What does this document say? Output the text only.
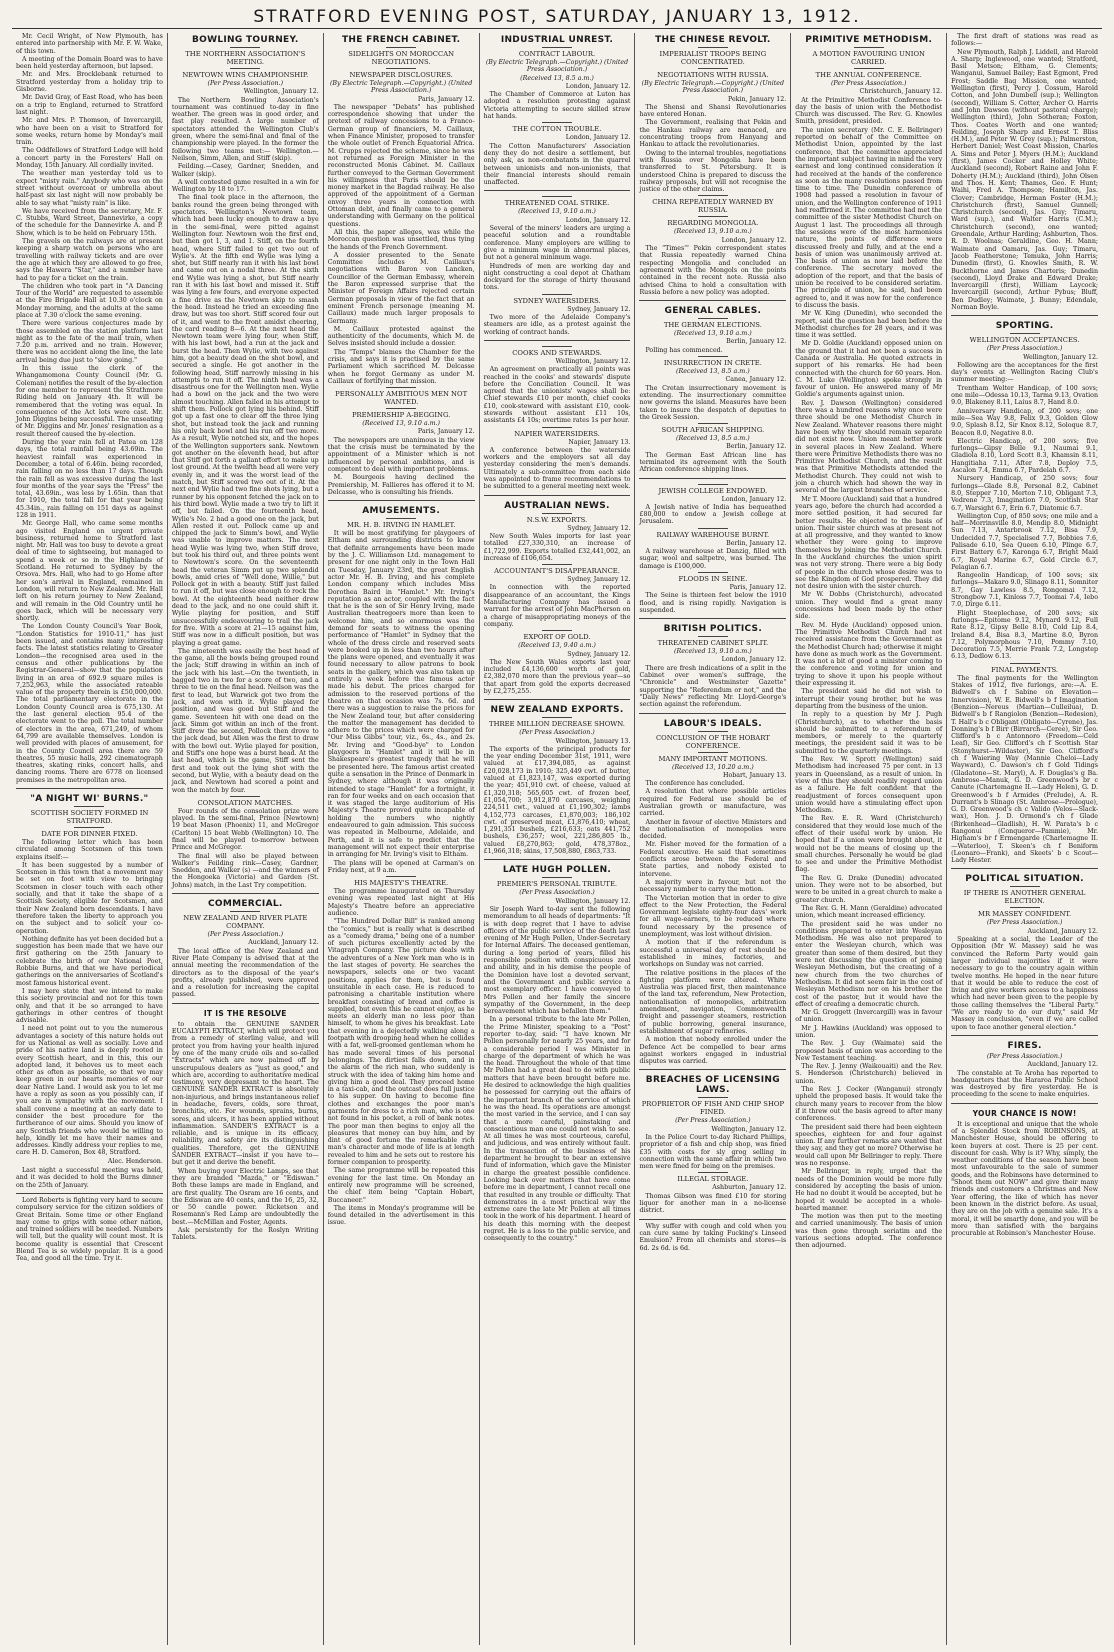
STRATFORD EVENING POST, SATURDAY, JANUARY 13, 1912.

Mr. Cecil Wright, of New Plymouth, has entered into partnership with Mr. F. W. Wake, of this town.

A meeting of the Domain Board was to have been held yesterday afternoon, but lapsed.

Mr. and Mrs. Brocklebank returned to Stratford yesterday from a holiday trip to Gisborne.

Mr. David Gray, of East Road, who has been on a trip to England, returned to Stratford last night.

Mr. and Mrs. P. Thomson, of Invercargill, who have been on a visit to Stratford for some weeks, return home by Monday's mail train.

The Oddfellows of Stratford Lodge will hold a concert party in the Foresters' Hall on Monday, 15th January. All cordially invited.

The weather man yesterday told us to expect "misty rain." Anybody who was on the street without overcoat or umbrella about half-past six last night will now probably be able to say what "misty rain" is like.

We have received from the secretary, Mr. F. C. Stubbs, Ward Street, Dannevirke, a copy of the schedule for the Dannevirke A. and P. Show, which is to be held on February 15th.

The gravels on the railways are at present keeping a sharp watch on persons who are travelling with railway tickets and are over the age at which they are allowed to go free, says the Hawera "Star," and a number have had to pay for a ticket on the train.

The children who took part in "A Dancing Tour of the World" are requested to assemble at the Fire Brigade Hall at 10.30 o'clock on Monday morning, and the adults at the same place at 7.30 o'clock the same evening.

There were various conjectures made by those assembled on the station platform last night as to the fate of the mail train, when 7.20 p.m. arrived and no train. However, there was no accident along the line, the late arrival being due just to "slow going."

In this issue the clerk of the Whangamomona County Council (Mr. G. Coleman) notifies the result of the by-election for one member to represent the Strathmore Riding held on January 4th. It will be remembered that the voting was equal. In consequence of the Act lots were cast. Mr. John Diggins being successful. The unseating of Mr. Diggins and Mr. Jones' resignation as a result thereof caused the by-election.

During the year rain fell at Patea on 128 days, the total rainfall being 43.69in. The heaviest rainfall was experienced in December, a total of 6.46in. being recorded, rain falling on no less than 17 days. Though the rain fell as was excessive during the last four months of the year says the "Press" the total, 43.69in., was less by 1.65in. than that for 1910, the total fall for that year being 45.34in., rain falling on 151 days as against 128 in 1911.

Mr. George Hall, who came some months ago visited England on urgent private business, returned home to Stratford last night. Mr. Hall was too busy to devote a great deal of time to sightseeing, but managed to spend a week or so in the Highlands of Scotland. He returned to Sydney by the Orsova. Mrs. Hall, who had to go Home after her son's arrival in England, remained in London, will return to New Zealand. Mr. Hall left on his return journey to New Zealand, and will remain in the Old Country until he goes back, which will be necessary very shortly.

The London County Council's Year Book, "London Statistics for 1910-11," has just been issued, and contains many interesting facts. The latest statistics relating to Greater London—the recognised area used in the census and other publications by the Registrar-General—show that the population living in an area of 692.9 square miles is 7,252,963, while the associated rateable value of the property therein is £50,000,000. The total parliamentary electorate in the London County Council area is 675,130. At the last general election 95.4 of the electorate went to the poll. The total number of electors in the area, 671,249, of whom 64,799 are available themselves. London is well provided with places of amusement, for in the County Council area there are 59 theatres, 55 music halls, 292 cinematograph theatres, skating rinks, concert halls, and dancing rooms. There are 6778 on licensed premises in the metropolitan area.

"A NIGHT WI' BURNS."
SCOTTISH SOCIETY FORMED IN STRATFORD.
DATE FOR DINNER FIXED.

The following letter which has been circulated among Scotsmen of this town explains itself:—

It has been suggested by a number of Scotsmen in this town that a movement may be set on foot with view to bringing Scotsmen in closer touch with each other socially, and that it take the shape of a Scottish Society, eligible for Scotsmen, and their New Zealand born descendants. I have therefore taken the liberty to approach you on the subject and to solicit your co-operation.

Nothing definite has yet been decided but a suggestion has been made that we have our first gathering on the 25th January to celebrate the birth of our National Poet, Robbie Burns, and that we have periodical gatherings on the anniversaries of Scotland's most famous historical event.

I may here state that we intend to make this society provincial and not for this town only, and that it be so arranged to have gatherings in other centres of thought advisable.

I need not point out to you the numerous advantages a society of this nature holds out for us National as well as socially. Love and pride of his native land is deeply rooted in every Scottish heart, and in this, this our adopted land, it behoves us to meet each other as often as possible, so that we may keep green in our hearts memories of our dear Native Land. I would ask you to let me have a reply as soon as you possibly can, if you are in sympathy with the movement. I shall convene a meeting at an early date to consider the best procedure for the furtherance of our aims. Should you know of any Scottish friends who would be willing to help, kindly let me have their names and addresses. Kindly address your replies to me, care H. D. Cameron, Box 48, Stratford.

Alec. Henderson.

Last night a successful meeting was held, and it was decided to hold the Burns dinner on the 25th of January.

Lord Roberts is fighting very hard to secure compulsory service for the citizen soldiers of Great Britain. Some time or other England may come to grips with some other nation, and trained soldiers will be needed. Numbers will tell, but the quality will count most. It is become quality is essential that Crescent Blend Tea is so widely popular. It is a good Tea, and good all the time. Try it.

BOWLING TOURNEY.
THE NORTHERN ASSOCIATION'S MEETING.
NEWTOWN WINS CHAMPIONSHIP.
(Per Press Association.)
Wellington, January 12.

The Northern Bowling Association's tournament was continued to-day in fine weather. The green was in good order, and fast play resulted. A large number of spectators attended the Wellington Club's green, where the semi-final and final of the championship were played. In the former the following two teams met:— Wellington.—Neilson, Simm, Allen, and Stiff (skip).

Feilding.—Casey, Gardner, Snedden, and Walker (skip).

A well contested game resulted in a win for Wellington by 18 to 17.

The final took place in the afternoon, the banks round the green being thronged with spectators. Wellington's Newtown team, which had been lucky enough to draw a bye in the semi-final, were pitted against Wellington four. Newtown won the first end, but then got 1, 3, and 1. Stiff, on the fourth head, where Stiff failed to get two out of Wylie's. At the fifth end Wylie was lying a shot, but Stiff nearly ran it with his last bowl and came out on a nodal three. At the sixth end Wylie was lying a shot, but Stiff nearly ran it with his last bowl and missed it. Stiff was lying a few fours, and everyone expected a fine drive as the Newtown skip to smash the head. Instead he tried an exceeding fine draw, but was too short. Stiff scored four out of it, and went to the front amidst cheering, the card reading 8—6. At the next head the Newtown team were lying four, when Stiff, with his last bowl, had a run at the jack and burst the head. Then Wylie, with two against him, got a beauty dead on the shot bowl, and secured a single. He got another in the following head, Stiff narrowly missing in his attempts to run it off. The ninth head was a disastrous one for the Wellington men. Wylie had a bowl on the jack and the two were almost touching. Allen failed in his attempt to shift them. Pollock got lying his behind. Stiff got up a fast one to clear off the three lying shot, but instead took the jack and running his only back bowl and his run off two more. As a result, Wylie notched six, and the hopes of the Wellington supporters sank. Newtown got another on the eleventh head, but after that Stiff got forth a gallant effort to make up lost ground. At the twelfth head all were very evenly in, and it was the worst lead of the match, but Stiff scored two out of it. At the next end Wylie had two fine shots lying, but a runner by his opponent fetched the jack on to his third bowl. Wylie made a two try to lift it off, but failed. On the fourteenth head, Wylie's No. 2 had a good one on the jack, but Allen rested it out. Pollock came up and chipped the jack to Simm's bowl, and Wylie was unable to improve matters. The next head Wylie was lying two, when Stiff drove, but took his third out, and three points went to Newtown's score. On the seventeenth head the veteran Simm put up two splendid bowls, amid cries of "Well done, Willie," but Pollock got in with a beauty. Stiff just failed to run it off, but was close enough to rock the bowl. At the eighteenth head neither drew dead to the jack, and no one could shift it. Wylie playing for position, and Stiff unsuccessfully endeavouring to trail the jack for five. With a score at 21—15 against him, Stiff was now in a difficult position, but was playing a great game.

The nineteenth was easily the best head of the game, all the bowls being grouped round the jack; Stiff drawing in within an inch of the jack with his last.—On the twentieth, in bagged two in two for a score of two, and a three to tie on the final head. Neilson was the first to lead, but Warwick got two from the jack, and won with it. Wylie played for position, and was good but Stiff and the game. Seventeen hit with one dead on the jack. Simm got within an inch of the front. Stiff drew the second, Pollock then drove to the jack dead, but Allen was the first to draw with the bowl out. Wylie played for position, and Stiff's one hope was a burst head. At the last head, which is the game, Stiff sent the first and took out the lying shot with the second, but Wylie, with a beauty dead on the jack, and Newtown had scored a point and won the match by four.

CONSOLATION MATCHES.

Four rounds of the consolation prize were played. In the semi-final, Prince (Newtown) 19 beat Mason (Phoenix) 11, and McGregor (Carlton) 15 beat Webb (Wellington) 10. The final will be played to-morrow between Prince and McGregor.

The final will also be played between Walker's Feilding rink—Casey, Gardner, Snedden, and Walker (s) —and the winners of the Hongoeka (Victoria) and Garden (St. Johns) match, in the Last Try competition.

COMMERCIAL.
NEW ZEALAND AND RIVER PLATE COMPANY.
(Per Press Association.)
Auckland, January 12.

The local office of the New Zealand and River Plate Company is advised that at the annual meeting the recommendation of the directors as to the disposal of the year's profits, already published, were approved and a resolution for increasing the capital passed.

IT IS THE RESOLVE

to obtain the GENUINE SANDER EUCALYPTI EXTRACT, which will protect you from a remedy of sterling value, and will protect you from having your health injured by one of the many crude oils and so-called "Extracts" which are now palmed off by unscrupulous dealers as "just as good," and which are, according to authoritative medical testimony, very depressant to the heart. The GENUINE SANDER EXTRACT is absolutely non-injurious, and brings instantaneous relief in headache, fevers, colds, sore throat, bronchitis, etc. For wounds, sprains, burns, sores, and ulcers, it has been applied without inflammation. SANDER'S EXTRACT is a reliable, and is unique in its efficacy, reliability, and safety are its distinguishing qualities. Therefore, get the GENUINE SANDER EXTRACT—insist if you have to—but get it and derive the benefit.

When buying your Electric Lamps, see that they are branded "Mazda," or "Ediswan." Both these lamps are made in England, and are first quality. The Osram are 16 cents, and the Ediswan are 40 cents, and the 16, 25, 32, or 50 candle power. Ricketson and Rosemann's Red Lamp are undoubtedly the best.—McMillan and Foster, Agents.

Ask persistently for the Roslyn Writing Tablets.

THE FRENCH CABINET.
SIDELIGHTS ON MOROCCAN NEGOTIATIONS.
NEWSPAPER DISCLOSURES.
(By Electric Telegraph.—Copyright.) (United Press Association.)
Paris, January 12.

The newspaper "Debats" has published correspondence showing that under the pretext of railway concessions to a Franco-German group of financiers, M. Caillaux, when Finance Minister, proposed to transfer the whole outlet of French Equatorial Africa. M. Crupps rejected the scheme, since he was not returned as Foreign Minister in the reconstructed Monis Cabinet. M. Caillaux further conveyed to the German Government his willingness that Paris should be the money market in the Bagdad railway. He also approved of the appointment of a German envoy three years in connection with Ottoman debt, and finally came to a general understanding with Germany on the political questions.

All this, the paper alleges, was while the Moroccan question was unsettled, thus tying the hands of the French Government.

A dossier presented to the Senate Committee includes M. Caillaux's negotiations with Baron von Lancken, Councillor of the German Embassy, wherein the Baron expressed surprise that the Minister of Foreign Affairs rejected certain German proposals in view of the fact that an eminent French personage (meaning M. Caillaux) made much larger proposals to Germany.

M. Caillaux protested against the authenticity of the documents, which M. de Selves insisted should include a dossier.

The "Temps" blames the Chamber for the crisis, and says it is practised by the same Parliament which sacrificed M. Delcasse when he forgot Germany as under M. Caillaux of fortifying that mission.

PERSONALLY AMBITIOUS MEN NOT WANTED.
PREMIERSHIP A-BEGGING.
(Received 13, 9.10 a.m.)
Paris, January 12.

The newspapers are unanimous in the view that the crisis must be terminated by the appointment of a Minister which is not influenced by personal ambitions, and is competent to deal with important problems.

M. Bourgeois having declined the Premiership, M. Fallieres has offered it to M. Delcasse, who is consulting his friends.

AMUSEMENTS.
MR. H. B. IRVING IN HAMLET.

It will be most gratifying for playgoers of Eltham and surrounding districts to know that definite arrangements have been made by the J. C. Williamson Ltd. management to present for one night only in the Town Hall on Tuesday, January 23rd, the great English actor Mr. H. B. Irving, and his complete London company which includes Miss Dorothea Baird in "Hamlet." Mr. Irving's reputation as an actor, coupled with the fact that he is the son of Sir Henry Irving, made Australian theatregoers more than keen to welcome him, and so enormous was the demand for seats to witness the opening performance of "Hamlet" in Sydney that the whole of the dress circle and reserved seats were booked up in less than two hours after the plans were opened, and eventually it was found necessary to allow patrons to book seats in the gallery, which was also taken up entirely a week before the famous actor made his debut. The prices charged for admission to the reserved portions of the theatre on that occasion was 7s. 6d. and there was a suggestion to raise the prices for the New Zealand tour, but after considering the matter the management has decided to adhere to the prices which were charged for "Our Miss Gibbs" tour, viz., 6s., 4s., and 2s. Mr. Irving and "Good-bye" to London playgoers in "Hamlet" and it will be in Shakespeare's greatest tragedy that he will be presented here. The famous artist created quite a sensation in the Prince of Denmark in Sydney, where although it was originally intended to stage "Hamlet" for a fortnight, it ran for four weeks and on each occasion that it was staged the large auditorium of His Majesty's Theatre proved quite incapable of holding the numbers who nightly endeavoured to gain admission. This success was repeated in Melbourne, Adelaide, and Perth, and it is safe to predict that the management will not expect their enterprise in arranging for Mr. Irving's visit to Eltham.

The plans will be opened at Carman's on Friday next, at 9 a.m.

HIS MAJESTY'S THEATRE.

The programme inaugurated on Thursday evening was repeated last night at His Majesty's Theatre before an appreciative audience.

"The Hundred Dollar Bill" is ranked among the "comics," but is really what is described as a "comedy drama," being one of a number of such pictures excellently acted by the Vitagraph Company. The picture deals with the adventures of a New York man who is in the last stages of poverty. He searches the newspapers, selects one or two vacant positions, applies for them, but is found unsuitable in each case. He is reduced to patronising a charitable institution where breakfast consisting of bread and coffee is supplied, but even this he cannot enjoy, as he meets an elderly man no less poor than himself, to whom he gives his breakfast. Late that evening in a dejectedly walking along a footpath with drooping head when he collides with a fat, well-groomed gentleman whom he has made several times of his personal belongings. The dirtiest falls down, and in the alarm of the rich man, who suddenly is struck with the idea of taking him home and giving him a good deal. They proceed home in a taxi-cab, and the outcast does full justice to his supper. On having to become fine clothes and exchanges the poor man's garments for dress to a rich man, who is one not found in his pocket, a roll of bank notes. The poor man then begins to enjoy all the pleasures that money can buy him, and by dint of good fortune the remarkable rich man's character and mode of life is at length revealed to him and he sets out to restore his former companion to prosperity.

The same programme will be repeated this evening for the last time. On Monday an entirely new programme will be screened, the chief item being "Captain Hobart, Buccaneer."

The items in Monday's programme will be found detailed in the advertisement in this issue.

INDUSTRIAL UNREST.
CONTRACT LABOUR.
(By Electric Telegraph.—Copyright.) (United Press Association.)
(Received 13, 8.5 a.m.)
London, January 12.

The Chamber of Commerce at Luton has adopted a resolution protesting against Victoria attempting to secure skilled straw hat hands.

THE COTTON TROUBLE.
London, January 12.

The Cotton Manufacturers' Association deny they do not desire a settlement, but only ask, as non-combatants in the quarrel between unionists and non-unionists, that their financial interests should remain unaffected.

THREATENED COAL STRIKE.
(Received 13, 9.10 a.m.)
London, January 12.

Several of the miners' leaders are urging a peaceful solution and a roundtable conference. Many employers are willing to give a minimum wage in abnormal places, but not a general minimum wage.

Hundreds of men are working day and night constructing a coal depot at Chatham dockyard for the storage of thirty thousand tons.

SYDNEY WATERSIDERS.
Sydney, January 12.

Two more of the Adelaide Company's steamers are idle, as a protest against the working of contract hands.

COOKS AND STEWARDS.
Wellington, January 12.

An agreement on practically all points was reached in the cooks' and stewards' dispute before the Conciliation Council. It was agreed that the unionists' wages shall be: Chief stewards £10 per month, chief cooks £10, cook-steward with assistant £10, cook-stewards without assistant £11 10s, assistants £4 10s; overtime rates 1s per hour.

NAPIER WATERSIDERS.
Napier, January 13.

A conference between the waterside workers and the employers sat all day yesterday considering the men's demands. Ultimately a sub-committee from each side was appointed to frame recommendations to be submitted to a general meeting next week.

AUSTRALIAN NEWS.
N.S.W. EXPORTS.
Sydney, January 12.

New South Wales imports for last year totalled £27,330,310, an increase of £1,722,999. Exports totalled £32,441,002, an increase of £106,654.

ACCOUNTANT'S DISAPPEARANCE.
Sydney, January 12.

In connection with the reported disappearance of an accountant, the Kings Manufacturing Company has issued a warrant for the arrest of John MacPherson on a charge of misappropriating moneys of the company.

EXPORT OF GOLD.
(Received 13, 9.40 a.m.)
Sydney, January 12.

The New South Wales exports last year included £4,136,600 worth of gold, £2,382,070 more than the previous year—so that apart from gold the exports decreased by £2,275,255.

NEW ZEALAND EXPORTS.
THREE MILLION DECREASE SHOWN.
(Per Press Association.)
Wellington, January 13.

The exports of the principal products for the year ending December 31st, 1911, were valued at £17,394,085, as against £20,028,173 in 1910; 325,449 cwt. of butter, valued at £1,823,147, was exported during the year; 451,910 cwt. of cheese, valued at £1,320,318; 565,605 cwt. of frozen beef, £1,054,700; 3,912,870 carcases, weighing 224,511 cwt., valued at £1,190,302; lambs 4,152,773 carcases, £1,870,003; 186,102 cwt. of preserved meat, £1,876,410; wheat, 1,291,351 bushels, £216,633; oats 441,752 bushels, £36,257; wool, 221,286,805 lb., valued £8,270,863; gold, 478,378oz., £1,966,318; skins, 17,508,880, £863,733.

LATE HUGH POLLEN.
PREMIER'S PERSONAL TRIBUTE.
(Per Press Association.)
Wellington, January 12.

Sir Joseph Ward to-day sent the following memorandum to all heads of departments: "It is with deep regret that I have to advise officers of the public service of the death last evening of Mr Hugh Pollen, Under-Secretary for Internal Affairs. The deceased gentleman, during a long period of years, filled his responsible position with conspicuous zeal and ability, and in his demise the people of the Dominion have lost a devoted servant, and the Government and public service a most exemplary officer. I have conveyed to Mrs Pollen and her family the sincere sympathy of the Government, in the deep bereavement which has befallen them."

In a personal tribute to the late Mr Pollen, the Prime Minister, speaking to a "Post" reporter to-day, said: "I have known Mr Pollen personally for nearly 25 years, and for a considerable period I was Minister in charge of the department of which he was the head. Throughout the whole of that time Mr Pollen had a great deal to do with public matters that have been brought before me. He desired to acknowledge the high qualities he possessed for carrying out the affairs of the important branch of the service of which he was the head. Its operations are amongst the most varied in the service, and I can say that a more careful, painstaking and conscientious man one could not wish to see. At all times he was most courteous, careful, and judicious, and was entirely without fault. In the transaction of the business of his department he brought to bear an extensive fund of information, which gave the Minister in charge the greatest possible confidence. Looking back over matters that have come before me in department, I cannot recall one that resulted in any trouble or difficulty. That demonstrates in a most practical way the extreme care the late Mr Pollen at all times took in the work of his department. I heard of his death this morning with the deepest regret. He is a loss to the public service, and consequently to the country."

THE CHINESE REVOLT.
IMPERIALIST TROOPS BEING CONCENTRATED.
NEGOTIATIONS WITH RUSSIA.
(By Electric Telegraph.—Copyright.) (United Press Association.)
Pekin, January 12.

The Shensi and Shansi Revolutionaries have entered Honan.

The Government, realising that Pekin and the Hankau railway are menaced, are concentrating troops from Hanyang and Hankau to attack the revolutionaries.

Owing to the internal troubles, negotiations with Russia over Mongolia have been transferred to St. Petersburg. It is understood China is prepared to discuss the railway proposals, but will not recognise the justice of the other claims.

CHINA REPEATEDLY WARNED BY RUSSIA.
REGARDING MONGOLIA.
(Received 13, 9.10 a.m.)
London, January 12.

The "Times'" Pekin correspondent states that Russia repeatedly warned China respecting Mongolia and concluded an agreement with the Mongols on the points contained in the recent note. Russia also advised China to hold a consultation with Russia before a new policy was adopted.

GENERAL CABLES.
THE GERMAN ELECTIONS.
(Received 13, 9.10 a.m.)
Berlin, January 12.

Polling has commenced.

INSURRECTION IN CRETE.
(Received 13, 8.5 a.m.)
Canea, January 12.

The Cretan insurrectionary movement is extending. The insurrectionary committee now governs the island. Measures have been taken to insure the despatch of deputies to the Greek Session.

SOUTH AFRICAN SHIPPING.
(Received 13, 8.5 a.m.)
Berlin, January 12.

The German East African line has terminated its agreement with the South African conference shipping lines.

JEWISH COLLEGE ENDOWED.
London, January 12.

A Jewish native of India has bequeathed £80,000 to endow a Jewish college at Jerusalem.

RAILWAY WAREHOUSE BURNT.
Berlin, January 12.

A railway warehouse at Danzig, filled with sugar, wool and saltpetre, was burned. The damage is £100,000.

FLOODS IN SEINE.
Paris, January 12.

The Seine is thirteen feet below the 1910 flood, and is rising rapidly. Navigation is suspended.

BRITISH POLITICS.
THREATENED CABINET SPLIT.
(Received 13, 9.10 a.m.)
London, January 12.

There are fresh indications of a split in the Cabinet over women's suffrage, the "Chronicle" and Westminster Gazette" supporting the "Referendum or not," and the "Daily News" reflecting Mr. Lloyd-George's section against the referendum.

LABOUR'S IDEALS.
CONCLUSION OF THE HOBART CONFERENCE.
MANY IMPORTANT MOTIONS.
(Received 13, 10.20 a.m.)
Hobart, January 13.

The conference has concluded.

A resolution that where possible articles required for Federal use should be of Australian growth or manufacture, was carried.

Another in favour of elective Ministers and the nationalisation of monopolies were decided.

Mr. Fisher moved for the formation of a Federal executive. He said that sometimes conflicts arose between the Federal and State parties, and nobody existed to intervene.

A majority were in favour, but not the necessary number to carry the motion.

The Victorian motion that in order to give effect to the New Protection, the Federal Government legislate eighty-four days' work for all wage-earners, to be reduced where found necessary by the presence of unemployment, was lost without division.

A motion that if the referendum is successful a universal day of rest should be established in mines, factories, and workshops on Sunday was not carried.

The relative positions in the places of the fighting platform were altered. White Australia was placed first, then maintenance of the land tax, referendum, New Protection, nationalisation of monopolies, arbitration amendment, navigation, Commonwealth freight and passenger steamers, restriction of public borrowing, general insurance, establishment of sugar refineries.

A motion that nobody enrolled under the Defence Act be compelled to bear arms against workers engaged in industrial disputes was carried.

BREACHES OF LICENSING LAWS.
PROPRIETOR OF FISH AND CHIP SHOP FINED.
(Per Press Association.)
Wellington, January 12.

In the Police Court to-day Richard Phillips, proprietor of a fish and chip shop, was fined £35 with costs for sly grog selling in connection with the same affair in which two men were fined for being on the premises.

ILLEGAL STORAGE.
Ashburton, January 12.

Thomas Gibson was fined £10 for storing liquor for another man in a no-license district.

Why suffer with cough and cold when you can cure same by taking Fucking's Linseed Emulsion? From all chemists and stores—is 6d. 2s 6d. is 6d.

PRIMITIVE METHODISM.
A MOTION FAVOURING UNION CARRIED.
THE ANNUAL CONFERENCE.
(Per Press Association.)
Christchurch, January 12.

At the Primitive Methodist Conference to-day the basis of union with the Methodist Church was discussed. The Rev. G. Knowles Smith, president, presided.

The union secretary (Mr. C. E. Bellringer) reported on behalf of the Committee on Methodist Union, appointed by the last conference, that the committee appreciated the important subject having in mind the very earnest and long continued consideration it had received at the hands of the conference as soon as the many resolutions passed from time to time. The Dunedin conference of 1908 had passed a resolution in favour of union, and the Wellington conference of 1911 had reaffirmed it. The committee had met the committee of the sister Methodist Church on August 1 last. The proceedings all through the sessions were of the most harmonious nature, the points of difference were discussed freely and fully, and at the end a basis of union was unanimously arrived at. The basis of union as now laid before the conference. The secretary moved the adoption of the report, and that the basis of union be received to be considered seriatim. The principle of union, he said, had been agreed to, and it was now for the conference to discuss the basis.

Mr W. King (Dunedin), who seconded the report, said the question had been before the Methodist churches for 28 years, and it was time it was settled.

Mr D. Goldie (Auckland) opposed union on the ground that it had not been a success in Canada or Australia. He quoted extracts in support of his remarks. He had been connected with the church for 60 years. Hon. C. M. Luke (Wellington) spoke strongly in favour of union. He answered many of Mr Goldie's arguments against union.

Rev. J. Dawson (Wellington) considered there was a hundred reasons why once were three should be one Methodist Church in New Zealand. Whatever reasons there might have been why they should remain separate did not exist now. Union meant better work in several places in New Zealand. Where there were Primitive Methodists there was no Primitive Methodist Church, and the result was that Primitive Methodists attended the Methodist Church. They could not wish to join a church which had shown the way in several of the largest branches of service.

Mr T. Moore (Auckland) said that a hundred years ago, before the church had accorded a more settled position, it had secured far better results. He objected to the basis of union. Their sister church was at present not at all progressive, and they wanted to know whether they were going to improve themselves by joining the Methodist Church. In the Auckland churches the union spirit was not very strong. There were a big body of people in the church whose desire was to see the Kingdom of God prospered. They did not desire union with the sister church.

Mr W. Dobbs (Christchurch), advocated union. They would find a great many concessions had been made by the other side.

Rev. M. Hyde (Auckland) opposed union. The Primitive Methodist Church had not received assistance from the Government as the Methodist Church had; otherwise it might have done as much work as the Government. It was not a bit of good a minister coming to the conference and voting for union and trying to shove it upon his people without their expressing it.

The president said he did not wish to interrupt their young brother, but he was departing from the business of the union.

In reply to a question by Mr J. Pugh (Christchurch), as to whether the basis should be submitted to a referendum of members, or merely to the quarterly meetings, the president said it was to be submitted to the quarterly meetings.

The Rev. W. Sprott (Wellington) said Methodism had increased 75 per cent. in 13 years in Queensland, as a result of union. In view of this they should readily regard union as a failure. He felt confident that the readjustment of forces consequent upon union would have a stimulating effect upon Methodism.

The Rev. E. R. Ward (Christchurch) considered that they would lose much of the effect of their useful work by union. He hoped that if a union were brought about, it would not be the means of closing up the small churches. Personally he would be glad to see and under the Primitive Methodist flag.

The Rev. G. Drake (Dunedin) advocated union. They were not to be absorbed, but were to be united in a great church to make a greater church.

The Rev. G. H. Mann (Geraldine) advocated union, which meant increased efficiency.

The president said he was under no conditions prepared to enter into Wesleyan Methodism. He was also not prepared to enter the Wesleyan church, which was greater than some of them desired, but they were not discussing the question of joining Wesleyan Methodism, but the creating of a new church from the two churches of Methodism. It did not seem fair in the cost of Wesleyan Methodism nor on his brother the cost of the pastor, but it would have the effect of creating a democratic church.

Mr G. Groggett (Invercargill) was in favour of union.

Mr J. Hawkins (Auckland) was opposed to union.

The Rev. J. Guy (Waimate) said the proposed basis of union was according to the New Testament teaching.

The Rev. J. Jenny (Waikouaiti) and the Rev. S. Henderson (Christchurch) believed in union.

The Rev. J. Cocker (Wanganui) strongly upheld the proposed basis. It would take the church many years to recover from the blow if it threw out the basis agreed to after many conferences.

The president said there had been eighteen speeches, eighteen for and four against union. If any further remarks are wanted that they say, and they get no more? Otherwise he would call upon Mr Bellringer to reply. There was no response.

Mr Bellringer, in reply, urged that the needs of the Dominion would be more fully considered by accepting the basis of union. He had no doubt it would be accepted, but he hoped it would be accepted in a whole-hearted manner.

The motion was then put to the meeting and carried unanimously. The basis of union was then gone through seriatim and the various sections adopted. The conference then adjourned.

The first draft of stations was read as follows:—

New Plymouth, Ralph J. Liddell, and Harold A. Sharp; Inglewood, one wanted; Stratford, Basil Metson; Eltham, G. Clements; Wanganui, Samuel Bailey; East Egmont, Fred Frost; Saddle Bag Mission, one wanted; Wellington (first), Percy J. Cossum, Harold Cotton, and John Dumbell (sup.); Wellington (second), William S. Cotter, Archer O. Harris and John Dawson (without pastoral charge); Wellington (third), John Sotheran; Foxton, Thos. Coates Worth and one wanted; Feilding, Joseph Sharp and Ernest T. Bliss (H.M.), and Peter W. Grey (sup.); Palmerston, Herbert Daniel; West Coast Mission, Charles A. Sims and Peter J. Myers (H.M.); Auckland (first), James Cocker and Holley White; Auckland (second), Robert Raine and John F. Doherty (H.M.); Auckland (third), John Olsen and Thos. H. Kent; Thames, Geo. F. Hunt; Waihi, Fred A. Thompson; Hamilton, Jas. Clover; Cambridge, Herman Foster (H.M.); Christchurch (first), Samuel Gunnell; Christchurch (second), Jas. Guy; Timaru, Ward (sup.), and Walter Harris (C.M.); Christchurch (second), one wanted; Greendale, Arthur Harding; Ashburton, Thos. R. D. Woolnas; Geraldine, Geo. H. Mann; Waimate and Oamaru, Jas. Guy; Timaru, Jacob Featherstone; Temuka, John Harris; Dunedin (first), G. Knowles Smith, R. W. Buckthorne and James Charteris; Dunedin (second), Lloyd Drake and Edward Drake; Invercargill (first), William Laycock; Invercargill (second), Arthur Pybus; Bluff, Ben Dudley; Waimate, J. Bunny; Edendale, Norman Boyle.

SPORTING.
WELLINGTON ACCEPTANCES.
(Per Press Association.)
Wellington, January 12.

Following are the acceptances for the first day's events at Wellington Racing Club's summer meeting:—

Trentham Welter Handicap, of 100 sovs; one mile—Odessa 10.13, Tarma 9.13, Ovation 9.0, Blakeney 8.11, Laius 8.7, Hand 8.0.

Anniversary Handicap, of 200 sovs; one mile—Sea Way 9.8, Felix 9.3, Golden Glow 9.0, Splash 8.12, Sir Knox 8.12, Soloque 8.7, Beacon 8.0, Negative 8.0.

Electric Handicap, of 200 sovs; five furlongs—Gipsy Belle 9.1, Naumai 9.1, Gladiola 8.10, Lord Scott 8.3, Khamsin 8.11, Hangitiaha 7.11, After 7.8, Deploy 7.5, Ascalon 7.4, Emma 6.7, Pardelah 6.7.

Nursery Handicap, of 250 sovs; four furlongs—Glade 8.8, Personal 8.2, Cabinet 8.0, Stepper 7.10, Merton 7.10, Obligant 7.3, Vedrene 7.3, Imagination 7.0, Scottish Star 6.7, Warsight 6.7, Erin 6.7, Diatomic 6.7.

Wellington Cup, of 850 sovs; one mile and a half—Morrinsville 8.0, Mendip 8.0, Midnight Sun 7.13, Antarbrook 7.12, Bisa 7.9, Undecided 7.7, Specialised 7.7, Bobbies 7.6, Palisade 6.10, Sea Queen 6.10, Plinge 6.7, First Battery 6.7, Karonga 6.7, Bright Maid 6.7, Royal Marine 6.7, Gold Circle 6.7, Pelagian 6.7.

Rangeolin Handicap, of 100 sovs; six furlongs—Makaro 9.0, Slinago 8.11, Somniter 8.7, Gay Lawless 8.5, Rongomai 7.12, Strongbow 7.1, Kinloss 7.7, Toomai 7.4, Iebo 7.0, Dirge 6.11.

Flight Steeplechase, of 200 sovs; six furlongs—Epitome 9.12, Mynard 9.12, Full Rate 8.12, Gipsy Belle 8.10, Cold Lip 8.4, Ireland 8.4, Bisa 8.3, Martine 8.0, Byron 7.12, Polymorphous 7.10, Pommy 7.10, Decoration 7.5, Merrie Frank 7.2, Longstep 6.13, Dedlow 6.13.

FINAL PAYMENTS.

The final payments for the Wellington Stakes of 1912, five furlongs, are:—A. E. Bidwell's ch f Sabine on Elevation—Innervision), W. E. Bidwell's b f Imagination (Benzion—Nereus (Martian—Culleilua), D. Bidwell's b f Rangiolon (Benzion—Redesion), T. Hall's b c Obligant (Obligato—Cyrene), Jas. Donning's b f Birr (Birrarch—Ceree), Sir Geo. Clifford's b c Antonnoro (Freedom—Celd Leaf), Sir Geo. Clifford's ch f Scottish Star (Stonyhurst—Wildaster), Sir Geo. Clifford's ch f Waiering Way (Mannie Cheloi—Lady Wayward), C. Dawson's ch f Gold Tidings (Gladatone—St. Maryl), A. F. Douglas's g Ba. Ambrose—Manuk, G. D. Greenwood's br c Canute (Chartemagne II.—Lady Helen), G. D. Greenwood's b f Armides (Prelude), A. R. Durrant's b Slinago (St. Ambrose—Prologue), G. D. Greenwood's ch c Valido (Velos—Slack-wax), Hon. J. D. Ormond's ch f Glade (Birkenhead—Gladlish), H. W. Parata's b c Rangonui (Conqueror—Pammie), Mr. Higham's br f Ermengarde (Charlemagne II.—Waterloo), T. Skeen's ch f Beniform (Leonaro—Frank), and Skeets' b c Scout—Lady Hester.

POLITICAL SITUATION.
IF THERE IS ANOTHER GENERAL ELECTION.
MR MASSEY CONFIDENT.
(Per Press Association.)
Auckland, January 12.

Speaking at a social, the Leader of the Opposition (Mr W. Massey) said he was convinced the Reform Party would gain larger individual majorities if it were necessary to go to the country again within twelve months. He hoped in the near future that it would be able to reduce the cost of living and give workers access to a happiness which had never been given to the people by those calling themselves the "Liberal Party." "We are ready to do our duty," said Mr Massey in conclusion, "even if we are called upon to face another general election."

FIRES.
(Per Press Association.)
Auckland, January 12.

The constable at Te Aroha has reported to headquarters that the Hararoa Public School was destroyed by fire yesterday. He is proceeding to the scene to make enquiries.

YOUR CHANCE IS NOW!

It is exceptional and unique that the whole of a Splendid Stock from ROBINSONS, at Manchester House, should be offering to keen buyers at cost. There is 25 per cent. discount for cash. Why is it? Why, simply, the weather conditions of the season have been most unfavourable to the sale of summer goods, and the Robinsons have determined to "Shoot them out NOW" and give their many friends and customers a Christmas and New Year offering, the like of which has never been known in the district before. As usual, they are on the job with a genuine sale. It's a moral, it will be smartly done, and you will be more than satisfied with the bargains procurable at Robinson's Manchester House.
